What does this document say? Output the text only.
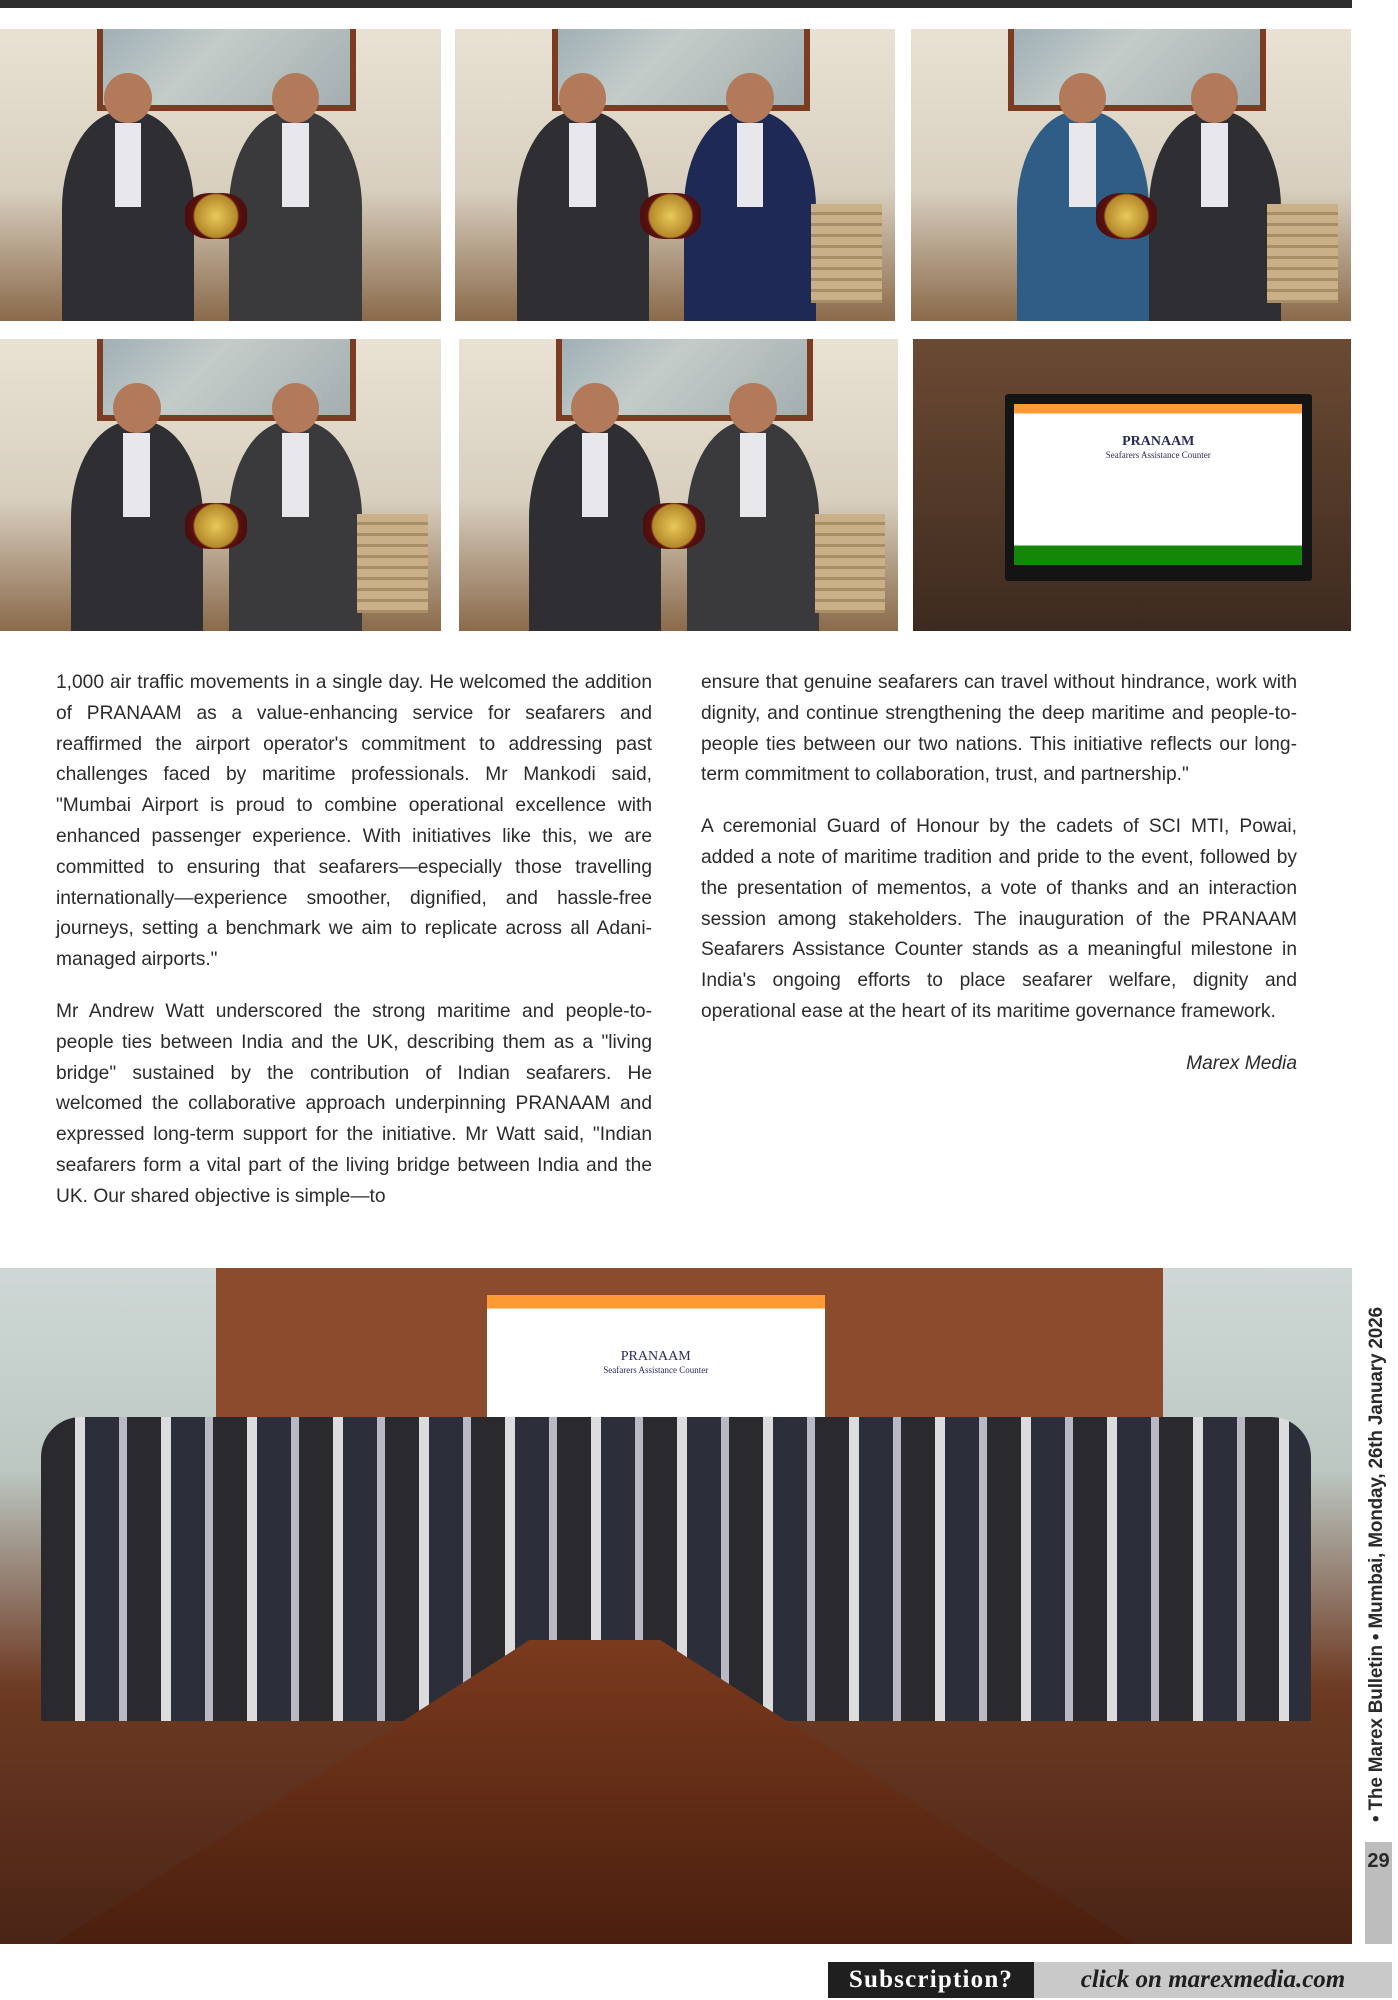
PRANAAM
Seafarers Assistance Counter

1,000 air traffic movements in a single day. He welcomed the addition of PRANAAM as a value-enhancing service for seafarers and reaffirmed the airport operator's commitment to addressing past challenges faced by maritime professionals. Mr Mankodi said, "Mumbai Airport is proud to combine operational excellence with enhanced passenger experience. With initiatives like this, we are committed to ensuring that seafarers—especially those travelling internationally—experience smoother, dignified, and hassle-free journeys, setting a benchmark we aim to replicate across all Adani-managed airports."

Mr Andrew Watt underscored the strong maritime and people-to-people ties between India and the UK, describing them as a "living bridge" sustained by the contribution of Indian seafarers. He welcomed the collaborative approach underpinning PRANAAM and expressed long-term support for the initiative. Mr Watt said, "Indian seafarers form a vital part of the living bridge between India and the UK. Our shared objective is simple—to

ensure that genuine seafarers can travel without hindrance, work with dignity, and continue strengthening the deep maritime and people-to-people ties between our two nations. This initiative reflects our long-term commitment to collaboration, trust, and partnership."

A ceremonial Guard of Honour by the cadets of SCI MTI, Powai, added a note of maritime tradition and pride to the event, followed by the presentation of mementos, a vote of thanks and an interaction session among stakeholders. The inauguration of the PRANAAM Seafarers Assistance Counter stands as a meaningful milestone in India's ongoing efforts to place seafarer welfare, dignity and operational ease at the heart of its maritime governance framework.

Marex Media

PRANAAM
Seafarers Assistance Counter	• The Marex Bulletin • Mumbai, Monday, 26th January 2026
29
Subscription?	click on marexmedia.com
